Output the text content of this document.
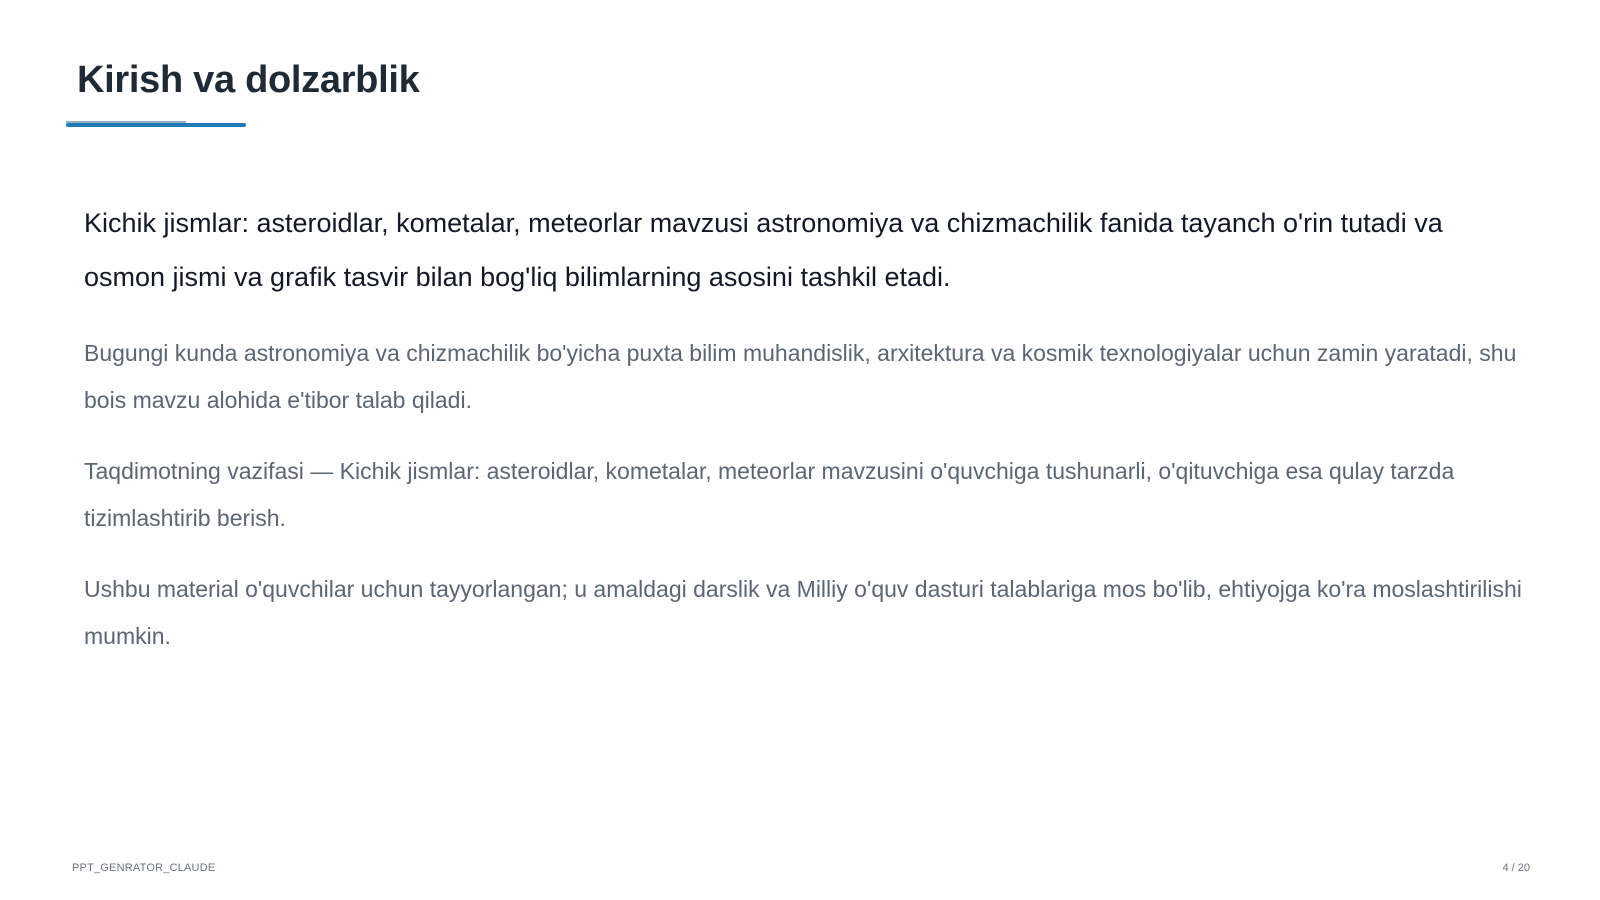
Kirish va dolzarblik

Kichik jismlar: asteroidlar, kometalar, meteorlar mavzusi astronomiya va chizmachilik fanida tayanch o'rin tutadi va osmon jismi va grafik tasvir bilan bog'liq bilimlarning asosini tashkil etadi.

Bugungi kunda astronomiya va chizmachilik bo'yicha puxta bilim muhandislik, arxitektura va kosmik texnologiyalar uchun zamin yaratadi, shu bois mavzu alohida e'tibor talab qiladi.

Taqdimotning vazifasi — Kichik jismlar: asteroidlar, kometalar, meteorlar mavzusini o'quvchiga tushunarli, o'qituvchiga esa qulay tarzda tizimlashtirib berish.

Ushbu material o'quvchilar uchun tayyorlangan; u amaldagi darslik va Milliy o'quv dasturi talablariga mos bo'lib, ehtiyojga ko'ra moslashtirilishi mumkin.

PPT_GENRATOR_CLAUDE	4 / 20
